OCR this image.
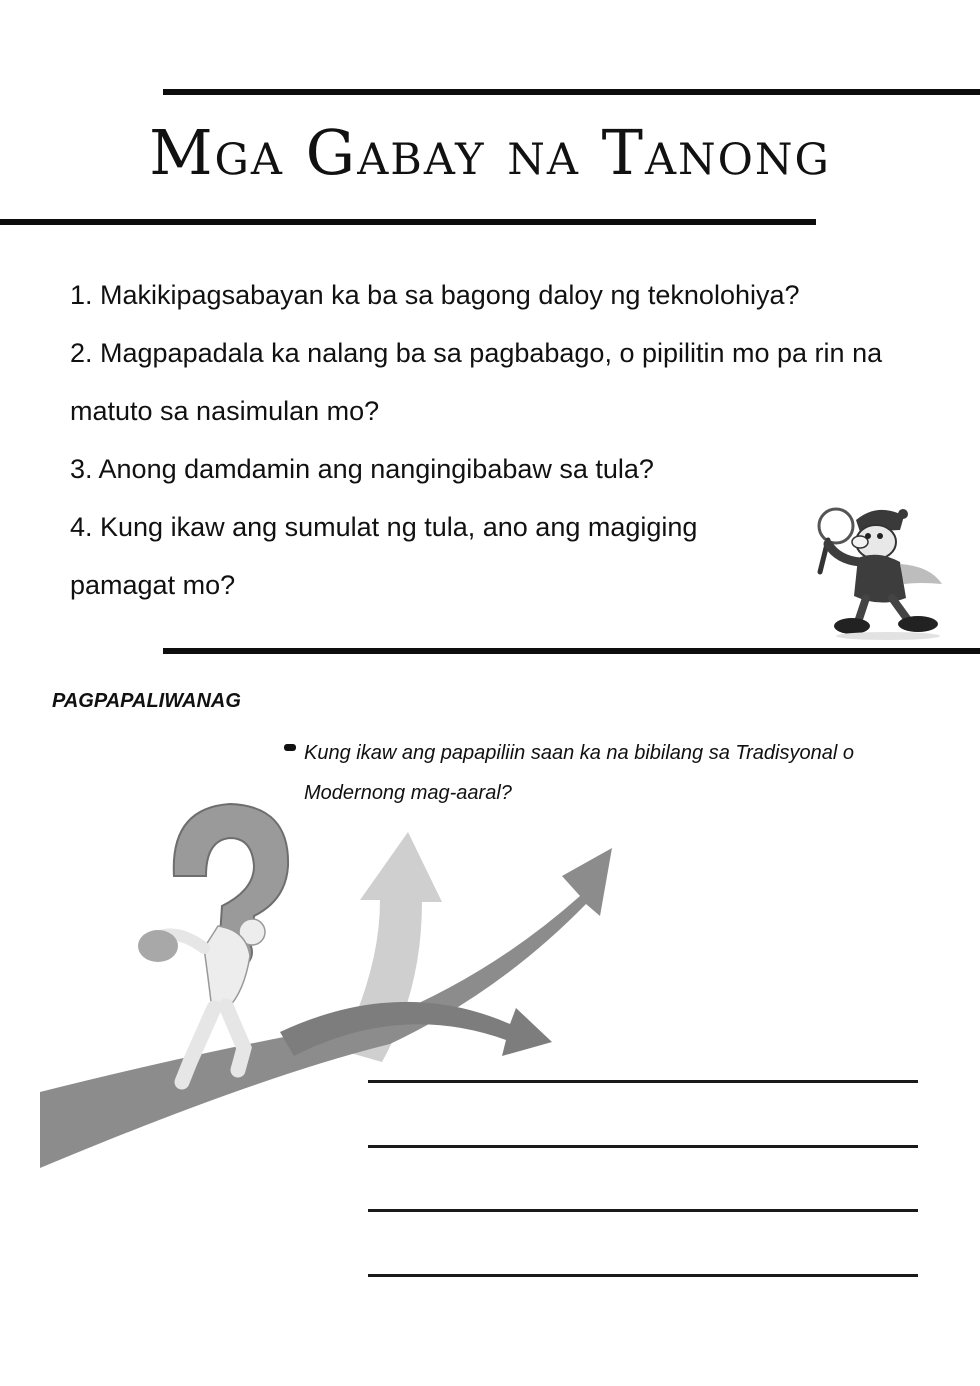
Mga Gabay na Tanong
1. Makikipagsabayan ka ba sa bagong daloy ng teknolohiya?
2. Magpapadala ka nalang ba sa pagbabago, o pipilitin mo pa rin na matuto sa nasimulan mo?
3. Anong damdamin ang nangingibabaw sa tula?
4. Kung ikaw ang sumulat ng tula, ano ang magiging pamagat mo?
PAGPAPALIWANAG
Kung ikaw ang papapiliin saan ka na bibilang sa Tradisyonal o Modernong mag-aaral?
